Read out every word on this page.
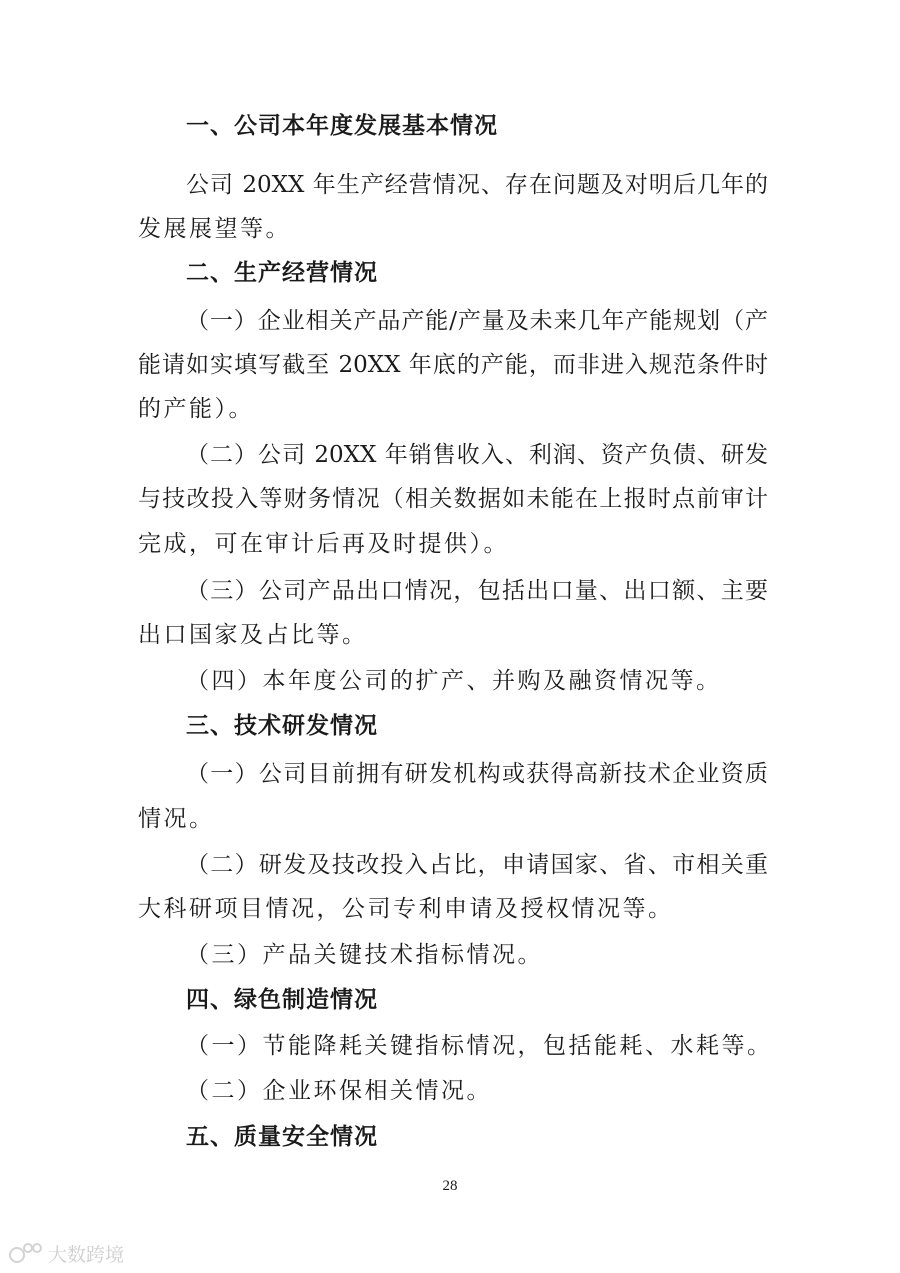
一、公司本年度发展基本情况
公司 20XX 年生产经营情况、存在问题及对明后几年的
发展展望等。
二、生产经营情况
（一）企业相关产品产能/产量及未来几年产能规划（产
能请如实填写截至 20XX 年底的产能，而非进入规范条件时
的产能）。
（二）公司 20XX 年销售收入、利润、资产负债、研发
与技改投入等财务情况（相关数据如未能在上报时点前审计
完成，可在审计后再及时提供）。
（三）公司产品出口情况，包括出口量、出口额、主要
出口国家及占比等。
（四）本年度公司的扩产、并购及融资情况等。
三、技术研发情况
（一）公司目前拥有研发机构或获得高新技术企业资质
情况。
（二）研发及技改投入占比，申请国家、省、市相关重
大科研项目情况，公司专利申请及授权情况等。
（三）产品关键技术指标情况。
四、绿色制造情况
（一）节能降耗关键指标情况，包括能耗、水耗等。
（二）企业环保相关情况。
五、质量安全情况
28
大数跨境
